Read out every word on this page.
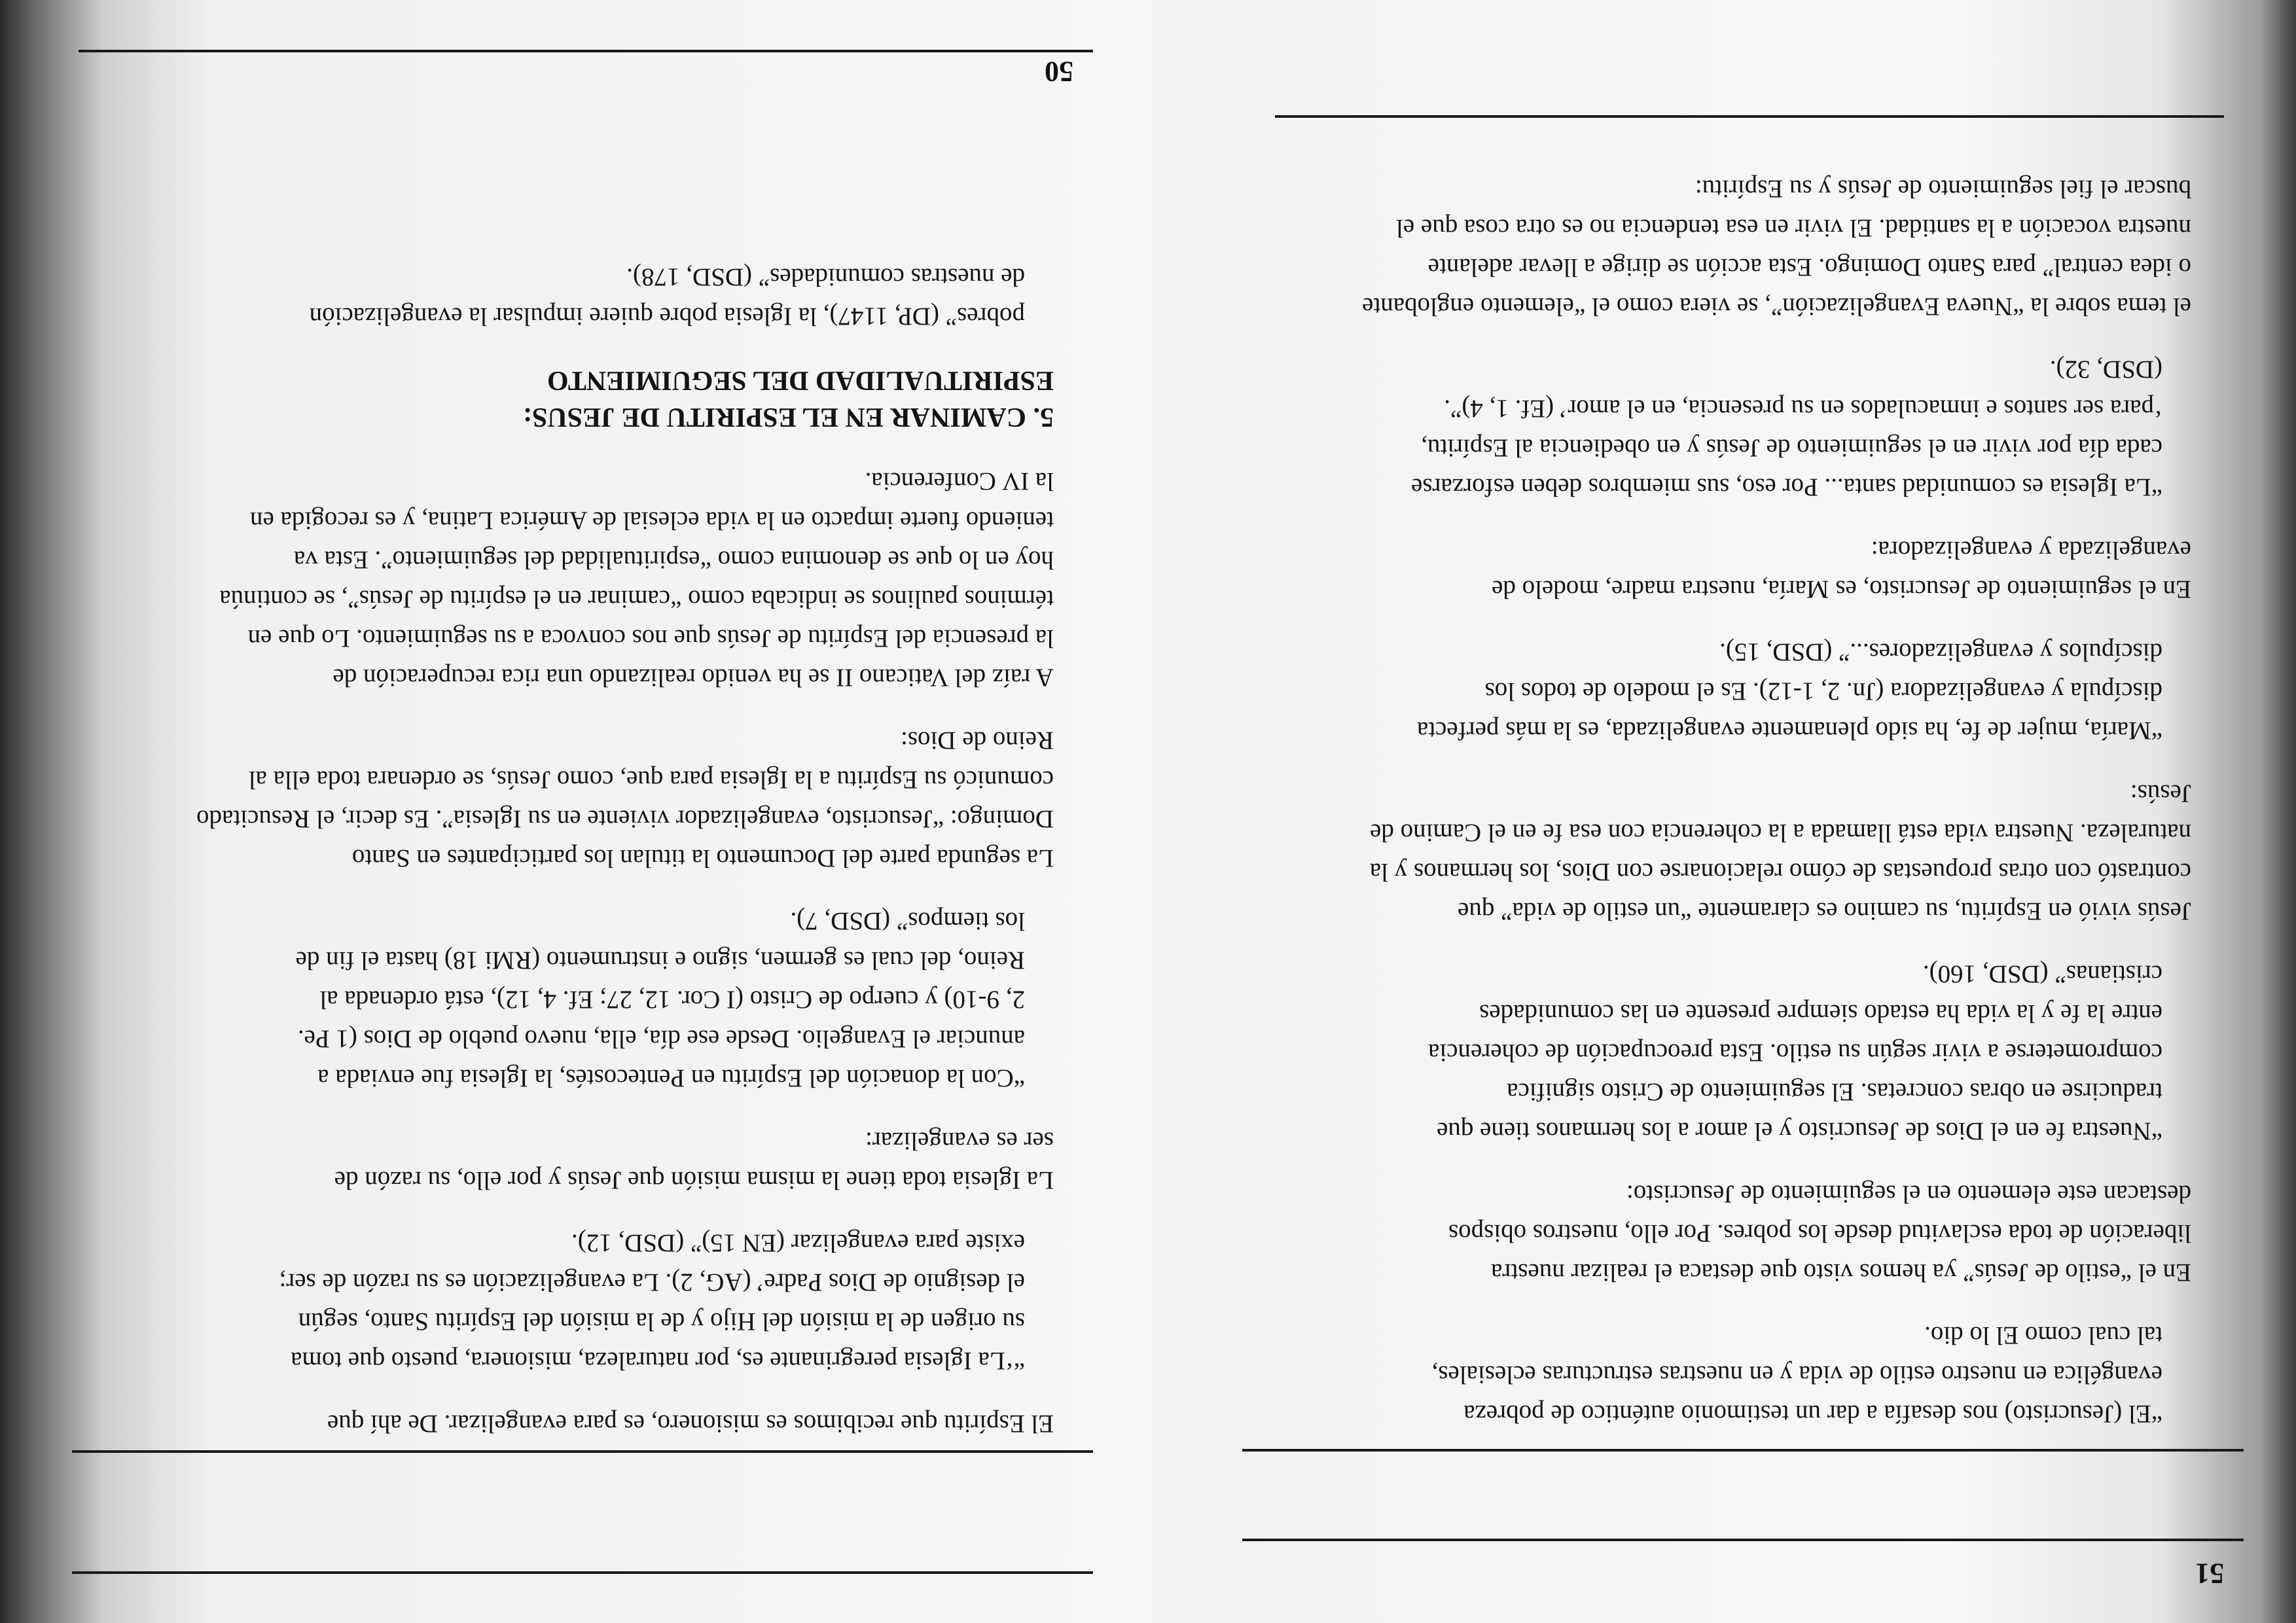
51

“El (Jesucristo) nos desafía a dar un testimonio auténtico de pobreza
evangélica en nuestro estilo de vida y en nuestras estructuras eclesiales,
tal cual como El lo dio.

En el “estilo de Jesús” ya hemos visto que destaca el realizar nuestra
liberación de toda esclavitud desde los pobres. Por ello, nuestros obispos
destacan este elemento en el seguimiento de Jesucristo:

“Nuestra fe en el Dios de Jesucristo y el amor a los hermanos tiene que
traducirse en obras concretas. El seguimiento de Cristo significa
comprometerse a vivir según su estilo. Esta preocupación de coherencia
entre la fe y la vida ha estado siempre presente en las comunidades
cristianas” (DSD, 160).

Jesús vivió en Espíritu, su camino es claramente “un estilo de vida” que
contrastó con otras propuestas de cómo relacionarse con Dios, los hermanos y la
naturaleza. Nuestra vida está llamada a la coherencia con esa fe en el Camino de
Jesús:

“María, mujer de fe, ha sido plenamente evangelizada, es la más perfecta
discípula y evangelizadora (Jn. 2, 1-12). Es el modelo de todos los
discípulos y evangelizadores...” (DSD, 15).

En el seguimiento de Jesucristo, es María, nuestra madre, modelo de
evangelizada y evangelizadora:

“La Iglesia es comunidad santa... Por eso, sus miembros deben esforzarse
cada día por vivir en el seguimiento de Jesús y en obediencia al Espíritu,
‘para ser santos e inmaculados en su presencia, en el amor’ (Ef. 1, 4)”.
(DSD, 32).

el tema sobre la “Nueva Evangelización”, se viera como el “elemento englobante
o idea central” para Santo Domingo. Esta acción se dirige a llevar adelante
nuestra vocación a la santidad. El vivir en esa tendencia no es otra cosa que el
buscar el fiel seguimiento de Jesús y su Espíritu:

50

El Espíritu que recibimos es misionero, es para evangelizar. De ahí que

“‘La Iglesia peregrinante es, por naturaleza, misionera, puesto que toma
su origen de la misión del Hijo y de la misión del Espíritu Santo, según
el designio de Dios Padre’ (AG, 2). La evangelización es su razón de ser;
existe para evangelizar (EN 15)” (DSD, 12).

La Iglesia toda tiene la misma misión que Jesús y por ello, su razón de
ser es evangelizar:

“Con la donación del Espíritu en Pentecostés, la Iglesia fue enviada a
anunciar el Evangelio. Desde ese día, ella, nuevo pueblo de Dios (1 Pe.
2, 9-10) y cuerpo de Cristo (I Cor. 12, 27; Ef. 4, 12), está ordenada al
Reino, del cual es germen, signo e instrumento (RMi 18) hasta el fin de
los tiempos” (DSD, 7).

La segunda parte del Documento la titulan los participantes en Santo
Domingo: “Jesucristo, evangelizador viviente en su Iglesia”. Es decir, el Resucitado
comunicó su Espíritu a la Iglesia para que, como Jesús, se ordenara toda ella al
Reino de Dios:

A raíz del Vaticano II se ha venido realizando una rica recuperación de
la presencia del Espíritu de Jesús que nos convoca a su seguimiento. Lo que en
términos paulinos se indicaba como “caminar en el espíritu de Jesús”, se continúa
hoy en lo que se denomina como “espiritualidad del seguimiento”. Esta va
teniendo fuerte impacto en la vida eclesial de América Latina, y es recogida en
la IV Conferencia.

5. CAMINAR EN EL ESPIRITU DE JESUS:
ESPIRITUALIDAD DEL SEGUIMIENTO

pobres” (DP, 1147), la Iglesia pobre quiere impulsar la evangelización
de nuestras comunidades” (DSD, 178).
